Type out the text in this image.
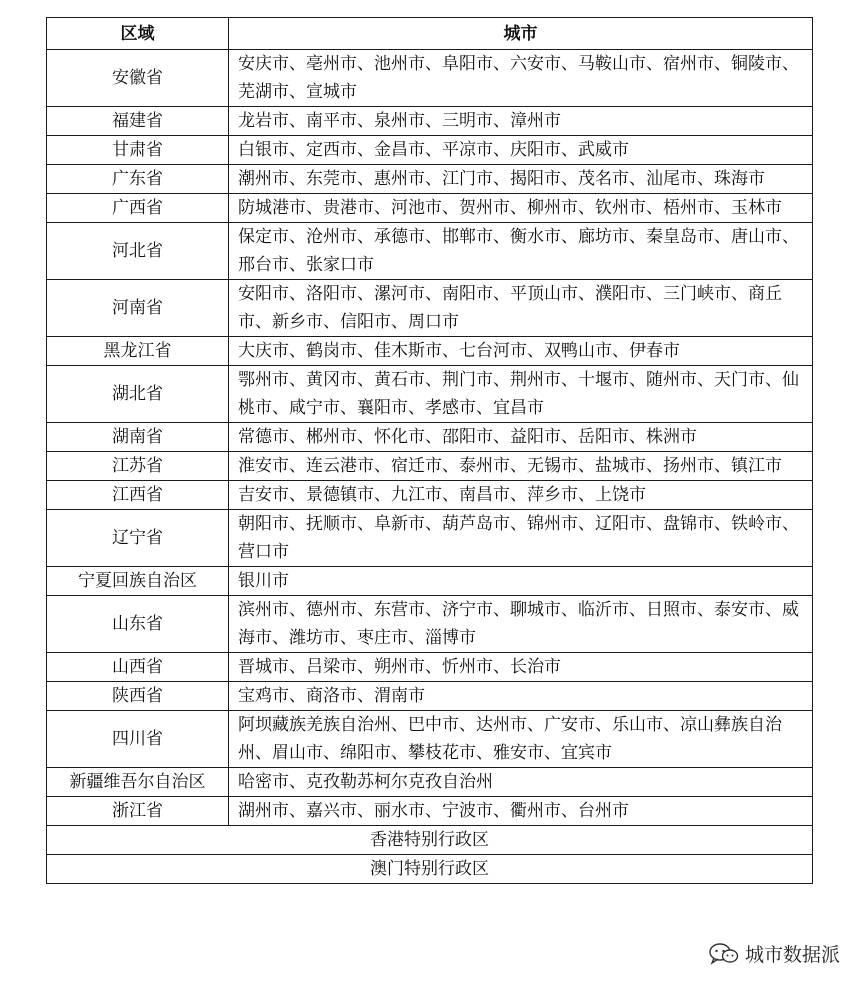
区域	城市
安徽省	安庆市、亳州市、池州市、阜阳市、六安市、马鞍山市、宿州市、铜陵市、芜湖市、宣城市
福建省	龙岩市、南平市、泉州市、三明市、漳州市
甘肃省	白银市、定西市、金昌市、平凉市、庆阳市、武威市
广东省	潮州市、东莞市、惠州市、江门市、揭阳市、茂名市、汕尾市、珠海市
广西省	防城港市、贵港市、河池市、贺州市、柳州市、钦州市、梧州市、玉林市
河北省	保定市、沧州市、承德市、邯郸市、衡水市、廊坊市、秦皇岛市、唐山市、邢台市、张家口市
河南省	安阳市、洛阳市、漯河市、南阳市、平顶山市、濮阳市、三门峡市、商丘市、新乡市、信阳市、周口市
黑龙江省	大庆市、鹤岗市、佳木斯市、七台河市、双鸭山市、伊春市
湖北省	鄂州市、黄冈市、黄石市、荆门市、荆州市、十堰市、随州市、天门市、仙桃市、咸宁市、襄阳市、孝感市、宜昌市
湖南省	常德市、郴州市、怀化市、邵阳市、益阳市、岳阳市、株洲市
江苏省	淮安市、连云港市、宿迁市、泰州市、无锡市、盐城市、扬州市、镇江市
江西省	吉安市、景德镇市、九江市、南昌市、萍乡市、上饶市
辽宁省	朝阳市、抚顺市、阜新市、葫芦岛市、锦州市、辽阳市、盘锦市、铁岭市、营口市
宁夏回族自治区	银川市
山东省	滨州市、德州市、东营市、济宁市、聊城市、临沂市、日照市、泰安市、威海市、潍坊市、枣庄市、淄博市
山西省	晋城市、吕梁市、朔州市、忻州市、长治市
陕西省	宝鸡市、商洛市、渭南市
四川省	阿坝藏族羌族自治州、巴中市、达州市、广安市、乐山市、凉山彝族自治州、眉山市、绵阳市、攀枝花市、雅安市、宜宾市
新疆维吾尔自治区	哈密市、克孜勒苏柯尔克孜自治州
浙江省	湖州市、嘉兴市、丽水市、宁波市、衢州市、台州市
香港特别行政区	
澳门特别行政区	
城市数据派
